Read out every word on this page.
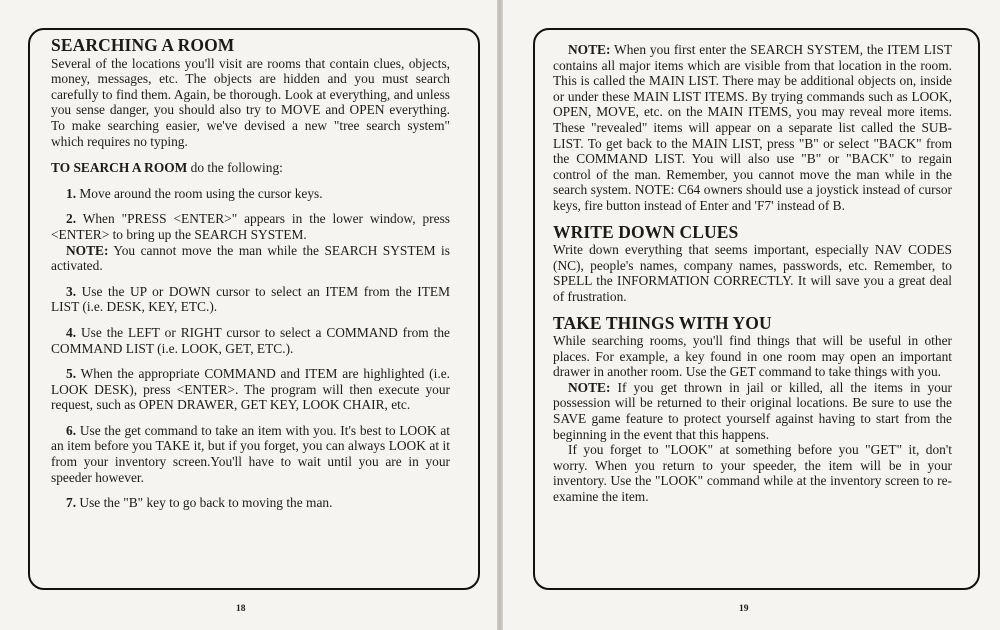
SEARCHING A ROOM

Several of the locations you'll visit are rooms that contain clues, objects, money, messages, etc. The objects are hidden and you must search carefully to find them. Again, be thorough. Look at everything, and unless you sense danger, you should also try to MOVE and OPEN everything. To make searching easier, we've devised a new "tree search system" which requires no typing.

TO SEARCH A ROOM do the following:

1. Move around the room using the cursor keys.

2. When "PRESS <ENTER>" appears in the lower window, press <ENTER> to bring up the SEARCH SYSTEM.

NOTE: You cannot move the man while the SEARCH SYSTEM is activated.

3. Use the UP or DOWN cursor to select an ITEM from the ITEM LIST (i.e. DESK, KEY, ETC.).

4. Use the LEFT or RIGHT cursor to select a COMMAND from the COMMAND LIST (i.e. LOOK, GET, ETC.).

5. When the appropriate COMMAND and ITEM are highlighted (i.e. LOOK DESK), press <ENTER>. The program will then execute your request, such as OPEN DRAWER, GET KEY, LOOK CHAIR, etc.

6. Use the get command to take an item with you. It's best to LOOK at an item before you TAKE it, but if you forget, you can always LOOK at it from your inventory screen.You'll have to wait until you are in your speeder however.

7. Use the "B" key to go back to moving the man.

18

NOTE: When you first enter the SEARCH SYSTEM, the ITEM LIST contains all major items which are visible from that location in the room. This is called the MAIN LIST. There may be additional objects on, inside or under these MAIN LIST ITEMS. By trying commands such as LOOK, OPEN, MOVE, etc. on the MAIN ITEMS, you may reveal more items. These "revealed" items will appear on a separate list called the SUB-LIST. To get back to the MAIN LIST, press "B" or select "BACK" from the COMMAND LIST. You will also use "B" or "BACK" to regain control of the man. Remember, you cannot move the man while in the search system. NOTE: C64 owners should use a joystick instead of cursor keys, fire button instead of Enter and 'F7' instead of B.

WRITE DOWN CLUES

Write down everything that seems important, especially NAV CODES (NC), people's names, company names, passwords, etc. Remember, to SPELL the INFORMATION CORRECTLY. It will save you a great deal of frustration.

TAKE THINGS WITH YOU

While searching rooms, you'll find things that will be useful in other places. For example, a key found in one room may open an important drawer in another room. Use the GET command to take things with you.

NOTE: If you get thrown in jail or killed, all the items in your possession will be returned to their original locations. Be sure to use the SAVE game feature to protect yourself against having to start from the beginning in the event that this happens.

If you forget to "LOOK" at something before you "GET" it, don't worry. When you return to your speeder, the item will be in your inventory. Use the "LOOK" command while at the inventory screen to re-examine the item.

19
